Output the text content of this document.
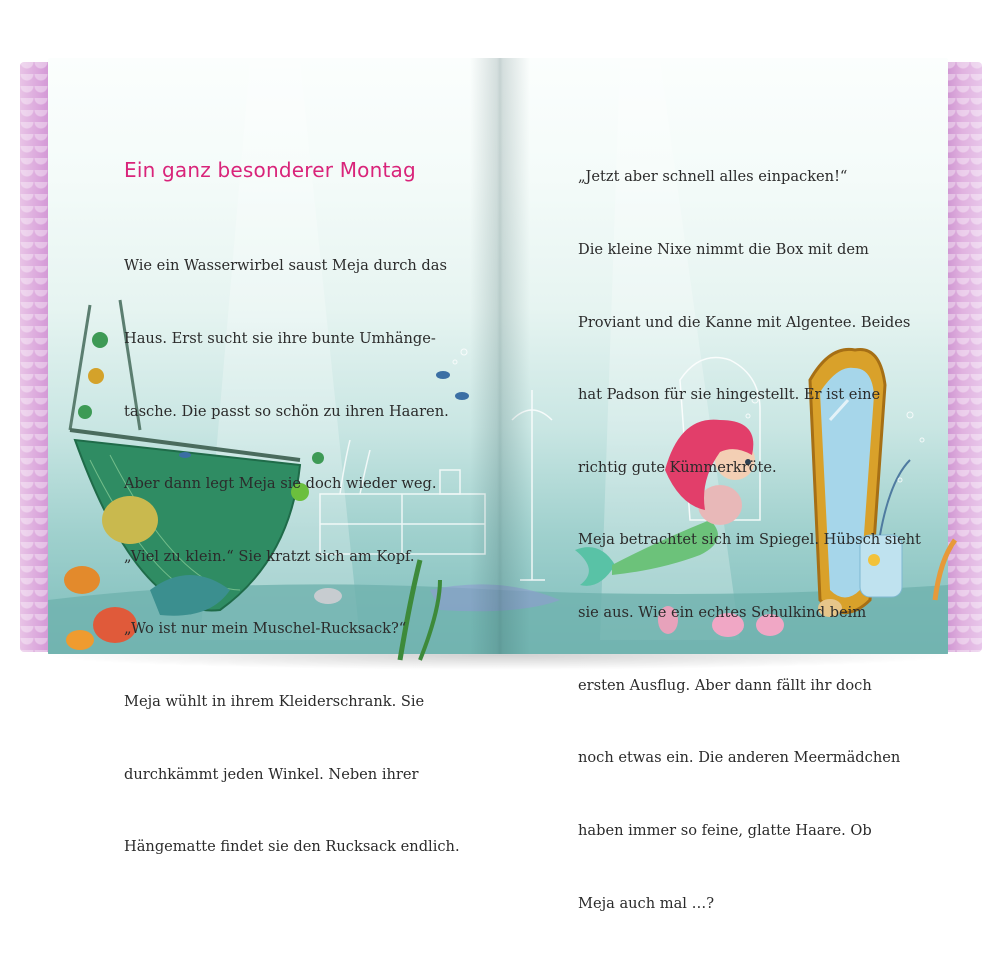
Ein ganz besonderer Montag

Wie ein Wasserwirbel saust Meja durch das

Haus. Erst sucht sie ihre bunte Umhänge-

tasche. Die passt so schön zu ihren Haaren.

Aber dann legt Meja sie doch wieder weg.

„Viel zu klein.“ Sie kratzt sich am Kopf.

„Wo ist nur mein Muschel-Rucksack?“

Meja wühlt in ihrem Kleiderschrank. Sie

durchkämmt jeden Winkel. Neben ihrer

Hängematte findet sie den Rucksack endlich.

„Jetzt aber schnell alles einpacken!“

Die kleine Nixe nimmt die Box mit dem

Proviant und die Kanne mit Algentee. Beides

hat Padson für sie hingestellt. Er ist eine

richtig gute Kümmerkröte.

Meja betrachtet sich im Spiegel. Hübsch sieht

sie aus. Wie ein echtes Schulkind beim

ersten Ausflug. Aber dann fällt ihr doch

noch etwas ein. Die anderen Meermädchen

haben immer so feine, glatte Haare. Ob

Meja auch mal …?
